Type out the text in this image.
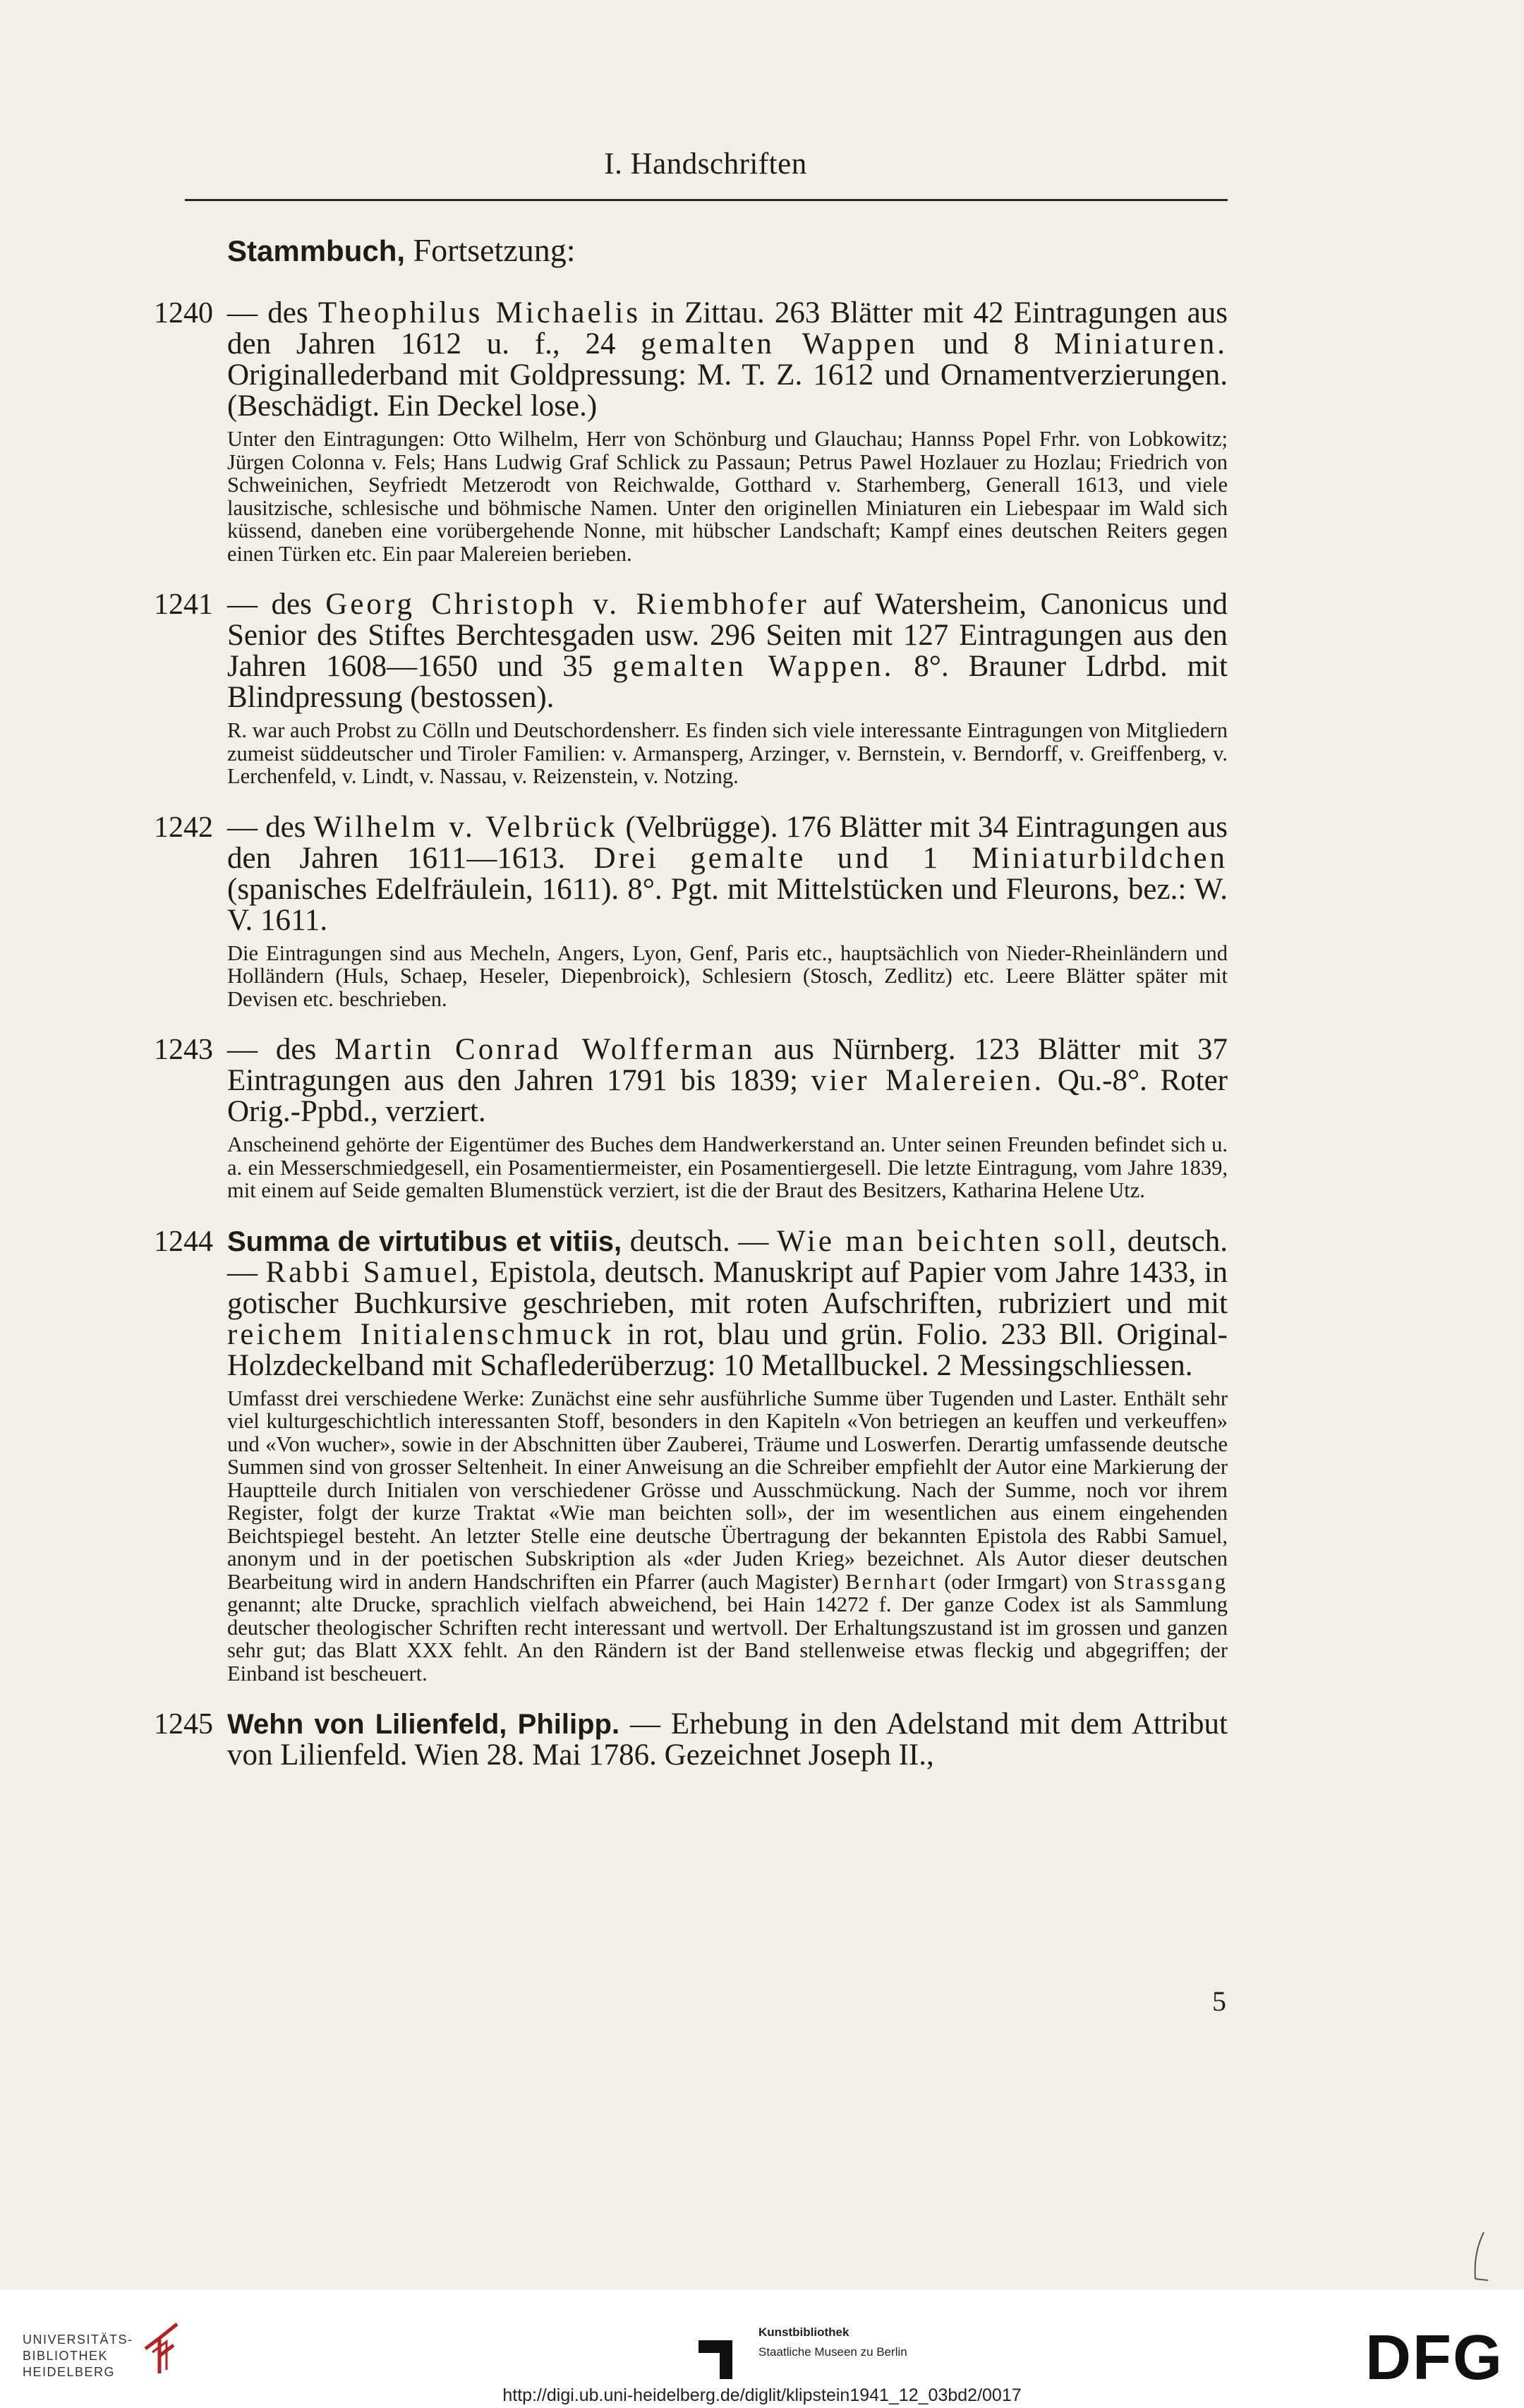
I. Handschriften
Stammbuch, Fortsetzung:
1240 — des Theophilus Michaelis in Zittau. 263 Blätter mit 42 Eintragungen aus den Jahren 1612 u. f., 24 gemalten Wappen und 8 Miniaturen. Originallederband mit Goldpressung: M. T. Z. 1612 und Ornamentverzierungen. (Beschädigt. Ein Deckel lose.)
Unter den Eintragungen: Otto Wilhelm, Herr von Schönburg und Glauchau; Hannss Popel Frhr. von Lobkowitz; Jürgen Colonna v. Fels; Hans Ludwig Graf Schlick zu Passaun; Petrus Pawel Hozlauer zu Hozlau; Friedrich von Schweinichen, Seyfriedt Metzerodt von Reichwalde, Gotthard v. Starhemberg, Generall 1613, und viele lausitzische, schlesische und böhmische Namen. Unter den originellen Miniaturen ein Liebespaar im Wald sich küssend, daneben eine vorübergehende Nonne, mit hübscher Landschaft; Kampf eines deutschen Reiters gegen einen Türken etc. Ein paar Malereien berieben.
1241 — des Georg Christoph v. Riembhofer auf Watersheim, Canonicus und Senior des Stiftes Berchtesgaden usw. 296 Seiten mit 127 Eintragungen aus den Jahren 1608—1650 und 35 gemalten Wappen. 8°. Brauner Ldrbd. mit Blindpressung (bestossen).
R. war auch Probst zu Cölln und Deutschordensherr. Es finden sich viele interessante Eintragungen von Mitgliedern zumeist süddeutscher und Tiroler Familien: v. Armansperg, Arzinger, v. Bernstein, v. Berndorff, v. Greiffenberg, v. Lerchenfeld, v. Lindt, v. Nassau, v. Reizenstein, v. Notzing.
1242 — des Wilhelm v. Velbrück (Velbrügge). 176 Blätter mit 34 Eintragungen aus den Jahren 1611—1613. Drei gemalte und 1 Miniaturbildchen (spanisches Edelfräulein, 1611). 8°. Pgt. mit Mittelstücken und Fleurons, bez.: W. V. 1611.
Die Eintragungen sind aus Mecheln, Angers, Lyon, Genf, Paris etc., hauptsächlich von Nieder-Rheinländern und Holländern (Huls, Schaep, Heseler, Diepenbroick), Schlesiern (Stosch, Zedlitz) etc. Leere Blätter später mit Devisen etc. beschrieben.
1243 — des Martin Conrad Wolfferman aus Nürnberg. 123 Blätter mit 37 Eintragungen aus den Jahren 1791 bis 1839; vier Malereien. Qu.-8°. Roter Orig.-Ppbd., verziert.
Anscheinend gehörte der Eigentümer des Buches dem Handwerkerstand an. Unter seinen Freunden befindet sich u. a. ein Messerschmiedgesell, ein Posamentiermeister, ein Posamentiergesell. Die letzte Eintragung, vom Jahre 1839, mit einem auf Seide gemalten Blumenstück verziert, ist die der Braut des Besitzers, Katharina Helene Utz.
1244 Summa de virtutibus et vitiis, deutsch. — Wie man beichten soll, deutsch. — Rabbi Samuel, Epistola, deutsch. Manuskript auf Papier vom Jahre 1433, in gotischer Buchkursive geschrieben, mit roten Aufschriften, rubriziert und mit reichem Initialenschmuck in rot, blau und grün. Folio. 233 Bll. Original-Holzdeckelband mit Schaflederüberzug: 10 Metallbuckel. 2 Messingschliessen.
Umfasst drei verschiedene Werke: Zunächst eine sehr ausführliche Summe über Tugenden und Laster. Enthält sehr viel kulturgeschichtlich interessanten Stoff, besonders in den Kapiteln «Von betriegen an keuffen und verkeuffen» und «Von wucher», sowie in der Abschnitten über Zauberei, Träume und Loswerfen. Derartig umfassende deutsche Summen sind von grosser Seltenheit. In einer Anweisung an die Schreiber empfiehlt der Autor eine Markierung der Hauptteile durch Initialen von verschiedener Grösse und Ausschmückung. Nach der Summe, noch vor ihrem Register, folgt der kurze Traktat «Wie man beichten soll», der im wesentlichen aus einem eingehenden Beichtspiegel besteht. An letzter Stelle eine deutsche Übertragung der bekannten Epistola des Rabbi Samuel, anonym und in der poetischen Subskription als «der Juden Krieg» bezeichnet. Als Autor dieser deutschen Bearbeitung wird in andern Handschriften ein Pfarrer (auch Magister) Bernhart (oder Irmgart) von Strassgang genannt; alte Drucke, sprachlich vielfach abweichend, bei Hain 14272 f. Der ganze Codex ist als Sammlung deutscher theologischer Schriften recht interessant und wertvoll. Der Erhaltungszustand ist im grossen und ganzen sehr gut; das Blatt XXX fehlt. An den Rändern ist der Band stellenweise etwas fleckig und abgegriffen; der Einband ist bescheuert.
1245 Wehn von Lilienfeld, Philipp. — Erhebung in den Adelstand mit dem Attribut von Lilienfeld. Wien 28. Mai 1786. Gezeichnet Joseph II.,
5
UNIVERSITÄTS-
BIBLIOTHEK
HEIDELBERG
Kunstbibliothek
Staatliche Museen zu Berlin	DFG
http://digi.ub.uni-heidelberg.de/diglit/klipstein1941_12_03bd2/0017
